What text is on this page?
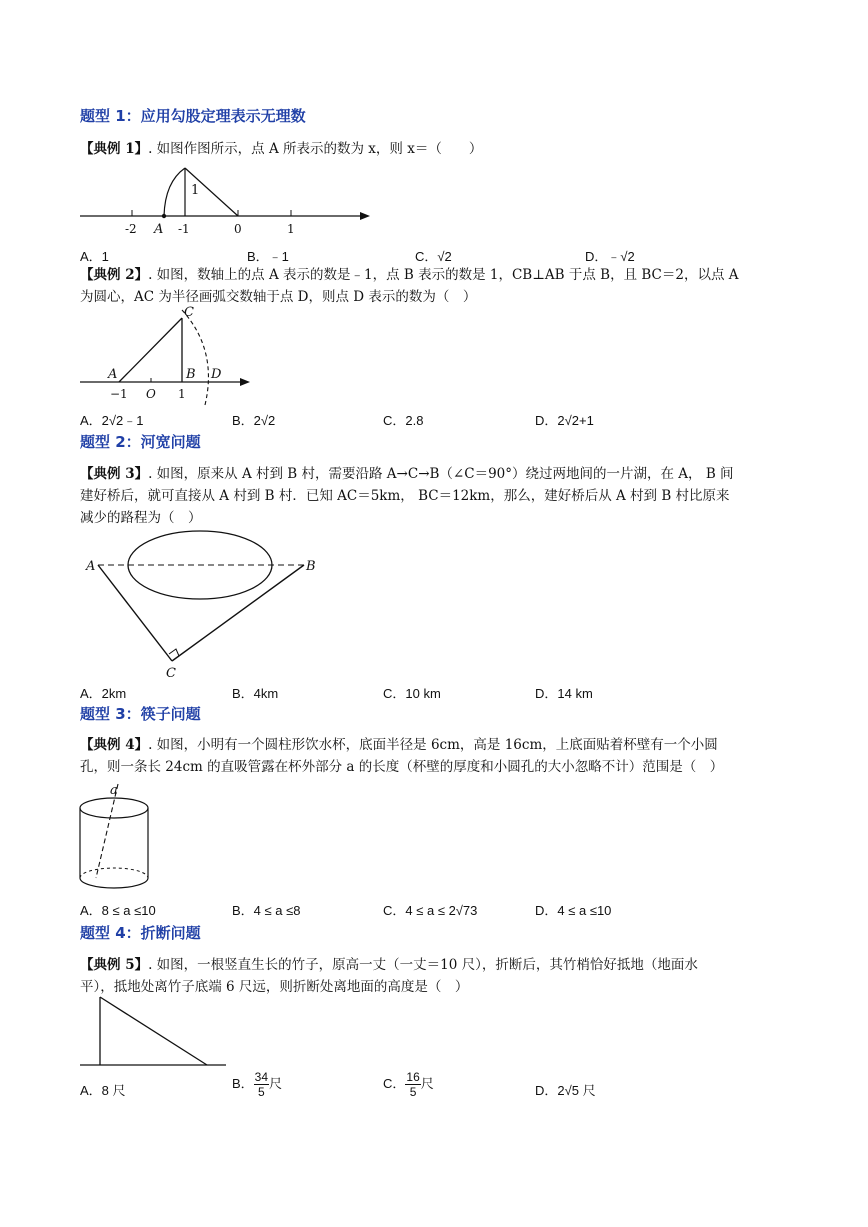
题型 1：应用勾股定理表示无理数
【典例 1】. 如图作图所示，点 A 所表示的数为 x，则 x＝（　　）
1
-2 A -1	0	1
A．1	B．﹣1	C．√2	D．﹣√2
【典例 2】. 如图，数轴上的点 A 表示的数是﹣1，点 B 表示的数是 1，CB⊥AB 于点 B，且 BC＝2，以点 A
为圆心，AC 为半径画弧交数轴于点 D，则点 D 表示的数为（　）
C
A	B D
−1 O 1
A．2√2﹣1	B．2√2	C．2.8	D．2√2+1
题型 2：河宽问题
【典例 3】. 如图，原来从 A 村到 B 村，需要沿路 A→C→B（∠C＝90°）绕过两地间的一片湖，在 A， B 间
建好桥后，就可直接从 A 村到 B 村．已知 AC＝5km， BC＝12km，那么，建好桥后从 A 村到 B 村比原来
减少的路程为（　）
A	B
C
A．2km	B．4km	C．10 km	D．14 km
题型 3：筷子问题
【典例 4】. 如图，小明有一个圆柱形饮水杯，底面半径是 6cm，高是 16cm，上底面贴着杯壁有一个小圆
孔，则一条长 24cm 的直吸管露在杯外部分 a 的长度（杯壁的厚度和小圆孔的大小忽略不计）范围是（　）
a
A．8 ≤ a ≤10	B．4 ≤ a ≤8	C．4 ≤ a ≤ 2√73	D．4 ≤ a ≤10
题型 4：折断问题
【典例 5】. 如图，一根竖直生长的竹子，原高一丈（一丈＝10 尺），折断后，其竹梢恰好抵地（地面水
平），抵地处离竹子底端 6 尺远，则折断处离地面的高度是（　）
A．8 尺	B． $\frac{34}{5}$ 尺	C． $\frac{16}{5}$ 尺	D．2√5 尺
